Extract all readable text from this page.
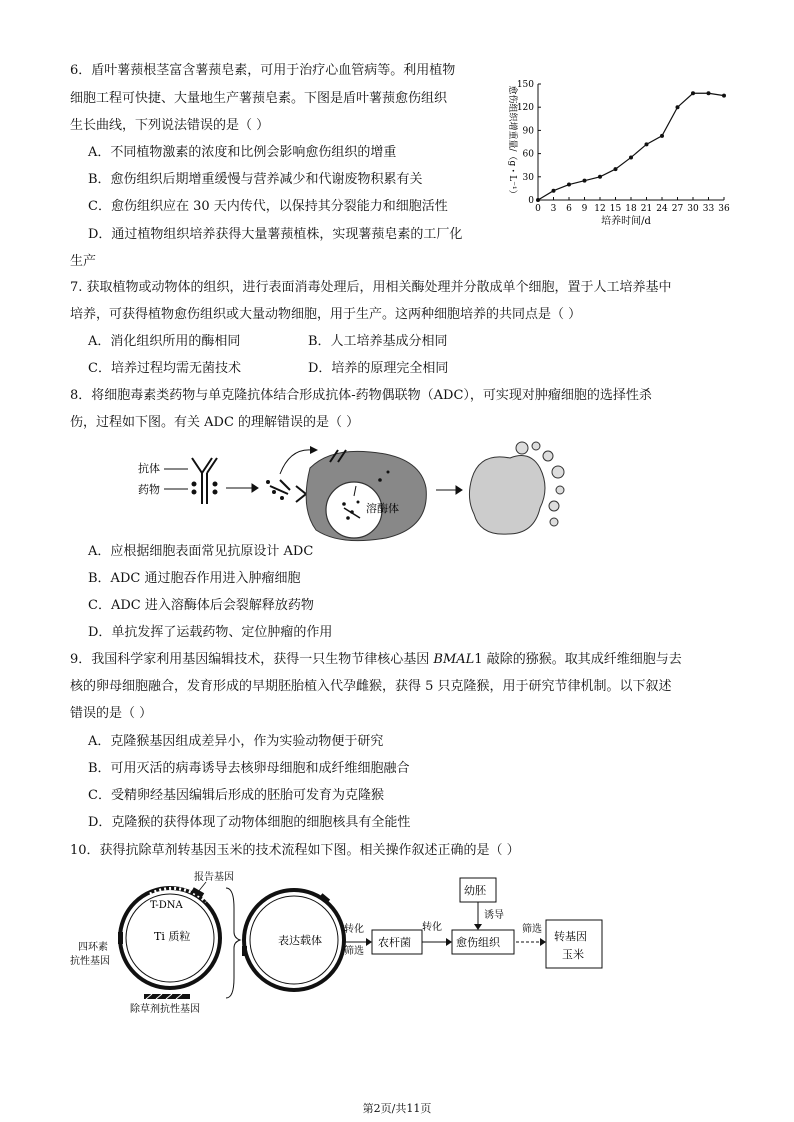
6．盾叶薯蓣根茎富含薯蓣皂素，可用于治疗心血管病等。利用植物
细胞工程可快捷、大量地生产薯蓣皂素。下图是盾叶薯蓣愈伤组织
生长曲线，下列说法错误的是（ ）
A．不同植物激素的浓度和比例会影响愈伤组织的增重
B．愈伤组织后期增重缓慢与营养减少和代谢废物积累有关
C．愈伤组织应在 30 天内传代，以保持其分裂能力和细胞活性
D．通过植物组织培养获得大量薯蓣植株，实现薯蓣皂素的工厂化
生产
0
30
60
90
120
150
0 3 6 9 12 15 18 21 24 27 30 33 36
培养时间/d
愈伤组织增重量/（g・L⁻¹）
7. 获取植物或动物体的组织，进行表面消毒处理后，用相关酶处理并分散成单个细胞，置于人工培养基中
培养，可获得植物愈伤组织或大量动物细胞，用于生产。这两种细胞培养的共同点是（ ）
A．消化组织所用的酶相同	B．人工培养基成分相同
C．培养过程均需无菌技术	D．培养的原理完全相同
8．将细胞毒素类药物与单克隆抗体结合形成抗体-药物偶联物（ADC），可实现对肿瘤细胞的选择性杀
伤，过程如下图。有关 ADC 的理解错误的是（ ）
抗体
药物
溶酶体
A．应根据细胞表面常见抗原设计 ADC
B．ADC 通过胞吞作用进入肿瘤细胞
C．ADC 进入溶酶体后会裂解释放药物
D．单抗发挥了运载药物、定位肿瘤的作用
9．我国科学家利用基因编辑技术，获得一只生物节律核心基因 BMAL1 敲除的猕猴。取其成纤维细胞与去
核的卵母细胞融合，发育形成的早期胚胎植入代孕雌猴，获得 5 只克隆猴，用于研究节律机制。以下叙述
错误的是（ ）
A．克隆猴基因组成差异小，作为实验动物便于研究
B．可用灭活的病毒诱导去核卵母细胞和成纤维细胞融合
C．受精卵经基因编辑后形成的胚胎可发育为克隆猴
D．克隆猴的获得体现了动物体细胞的细胞核具有全能性
10．获得抗除草剂转基因玉米的技术流程如下图。相关操作叙述正确的是（ ）
报告基因
T-DNA
Ti 质粒
四环素
抗性基因
除草剂抗性基因
表达载体
转化
筛选
农杆菌
转化
愈伤组织
幼胚
诱导
筛选
转基因
玉米
第2页/共11页
